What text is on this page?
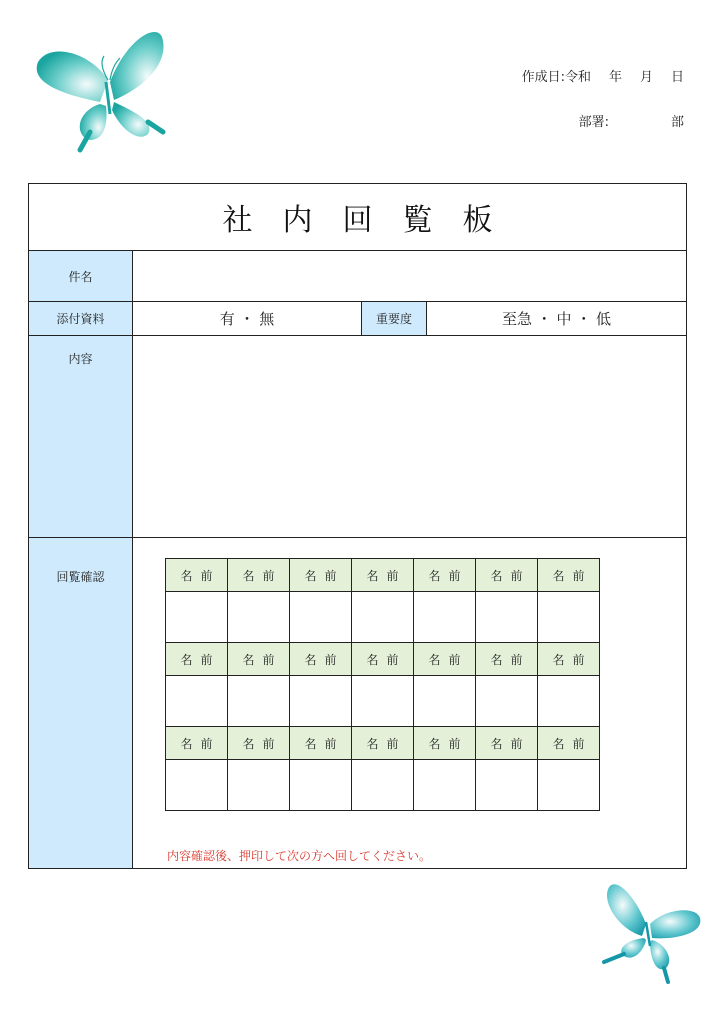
作成日:令和 年 月 日
部署:	部
社内回覧板
件名
添付資料	有 ・ 無	重要度	至急 ・ 中 ・ 低
内容
回覧確認	名前	名前	名前	名前	名前	名前	名前

名前	名前	名前	名前	名前	名前	名前

名前	名前	名前	名前	名前	名前	名前

内容確認後、押印して次の方へ回してください。
